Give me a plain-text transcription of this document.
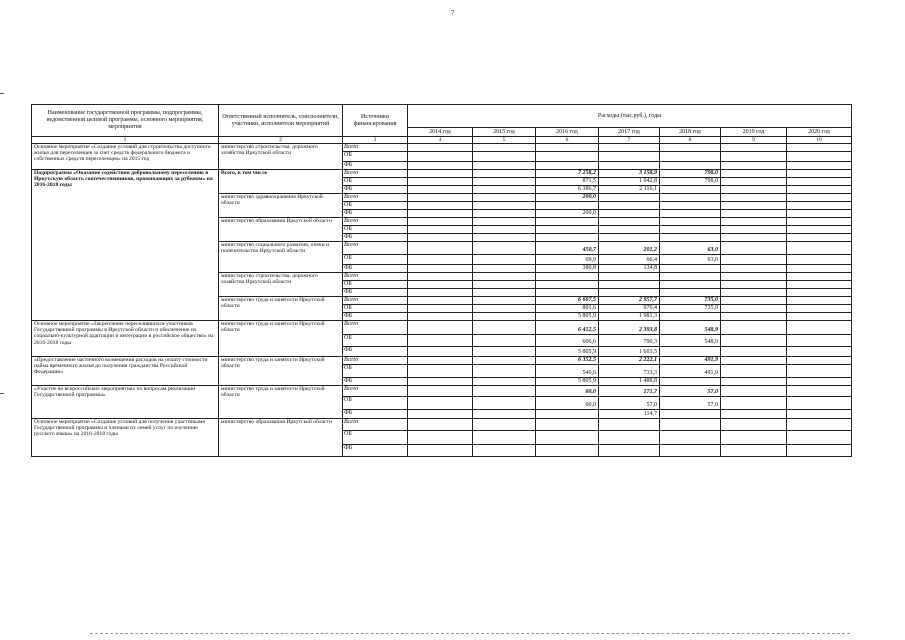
7
Наименование государственной программы, подпрограммы, ведомственной целевой программы, основного мероприятия, мероприятия	Ответственный исполнитель, соисполнители, участники, исполнители мероприятий	Источники финансирования	Расходы (тыс.руб.), годы						
			2014 год	2015 год	2016 год	2017 год	2018 год	2019 год	2020 год
1	2	3	4	5	6	7	8	9	10
Основное мероприятие «Создание условий для строительства доступного жилья для переселенцев за счет средств федерального бюджета и собственных средств переселенцев» на 2015 год	министерство строительства, дорожного хозяйства Иркутской области	Всего							
		ОБ							
		ФБ							
Подпрограмма «Оказание содействия добровольному переселению в Иркутскую область соотечественников, проживающих за рубежом» на 2016-2018 годы	Всего, в том числе	Всего			7 258,2	3 158,9	798,0		
		ОБ			871,5	1 042,8	798,0		
		ФБ			6 386,7	2 116,1			
	министерство здравоохранения Иркутской области	Всего			200,0				
		ОБ							
		ФБ			200,0				
	министерство образования Иркутской области	Всего							
		ОБ							
		ФБ							
	министерство социального развития, опеки и попечительства Иркутской области	Всего			450,7	201,2	63,0		
		ОБ			69,9	66,4	63,0		
		ФБ			380,8	134,8			
	министерство строительства, дорожного хозяйства Иркутской области	Всего							
		ОБ							
		ФБ							
	министерство труда и занятости Иркутской области	Всего			6 607,5	2 957,7	735,0		
		ОБ			801,6	976,4	735,0		
		ФБ			5 805,9	1 981,3			
Основное мероприятие «Закрепление переселившихся участников Государственной программы в Иркутской области и обеспечение их социально-культурной адаптации и интеграции в российское общество» на 2016-2018 годы	министерство труда и занятости Иркутской области	Всего			6 412,5	2 393,8	548,9		
		ОБ			606,6	790,3	548,9		
		ФБ			5 805,9	1 603,5			
«Предоставление частичного возмещения расходов на оплату стоимости найма временного жилья до получения гражданства Российской Федерации»	министерство труда и занятости Иркутской области	Всего			6 352,5	2 222,1	491,9		
		ОБ			546,6	733,3	491,9		
		ФБ			5 805,9	1 488,8			
«Участие во всероссийских мероприятиях по вопросам реализации Государственной программы»	министерство труда и занятости Иркутской области	Всего			60,0	171,7	57,0		
		ОБ			60,0	57,0	57,0		
		ФБ				114,7			
Основное мероприятие «Создание условий для получения участниками Государственной программы и членами их семей услуг по изучению русского языка» на 2016-2018 годы	министерство образования Иркутской области	Всего							
		ОБ							
		ФБ							
